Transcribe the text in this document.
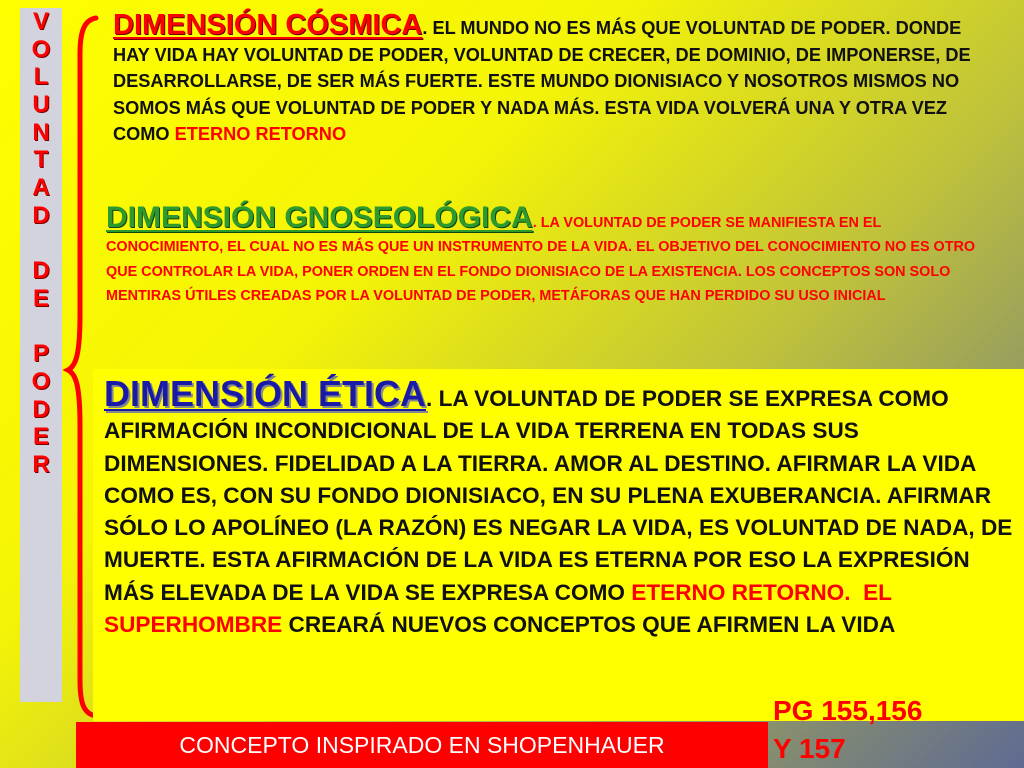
V
O
L
U
N
T
A
D
D
E
P
O
D
E
R
DIMENSIÓN CÓSMICA. EL MUNDO NO ES MÁS QUE VOLUNTAD DE PODER. DONDE HAY VIDA HAY VOLUNTAD DE PODER, VOLUNTAD DE CRECER, DE DOMINIO, DE IMPONERSE, DE DESARROLLARSE, DE SER MÁS FUERTE. ESTE MUNDO DIONISIACO Y NOSOTROS MISMOS NO SOMOS MÁS QUE VOLUNTAD DE PODER Y NADA MÁS. ESTA VIDA VOLVERÁ UNA Y OTRA VEZ COMO ETERNO RETORNO
DIMENSIÓN GNOSEOLÓGICA. LA VOLUNTAD DE PODER SE MANIFIESTA EN EL CONOCIMIENTO, EL CUAL NO ES MÁS QUE UN INSTRUMENTO DE LA VIDA. EL OBJETIVO DEL CONOCIMIENTO NO ES OTRO QUE CONTROLAR LA VIDA, PONER ORDEN EN EL FONDO DIONISIACO DE LA EXISTENCIA. LOS CONCEPTOS SON SOLO MENTIRAS ÚTILES CREADAS POR LA VOLUNTAD DE PODER, METÁFORAS QUE HAN PERDIDO SU USO INICIAL
DIMENSIÓN ÉTICA. LA VOLUNTAD DE PODER SE EXPRESA COMO AFIRMACIÓN INCONDICIONAL DE LA VIDA TERRENA EN TODAS SUS DIMENSIONES. FIDELIDAD A LA TIERRA. AMOR AL DESTINO. AFIRMAR LA VIDA COMO ES, CON SU FONDO DIONISIACO, EN SU PLENA EXUBERANCIA. AFIRMAR SÓLO LO APOLÍNEO (LA RAZÓN) ES NEGAR LA VIDA, ES VOLUNTAD DE NADA, DE MUERTE. ESTA AFIRMACIÓN DE LA VIDA ES ETERNA POR ESO LA EXPRESIÓN MÁS ELEVADA DE LA VIDA SE EXPRESA COMO ETERNO RETORNO. EL SUPERHOMBRE CREARÁ NUEVOS CONCEPTOS QUE AFIRMEN LA VIDA
CONCEPTO INSPIRADO EN SHOPENHAUER
PG 155,156
Y 157
